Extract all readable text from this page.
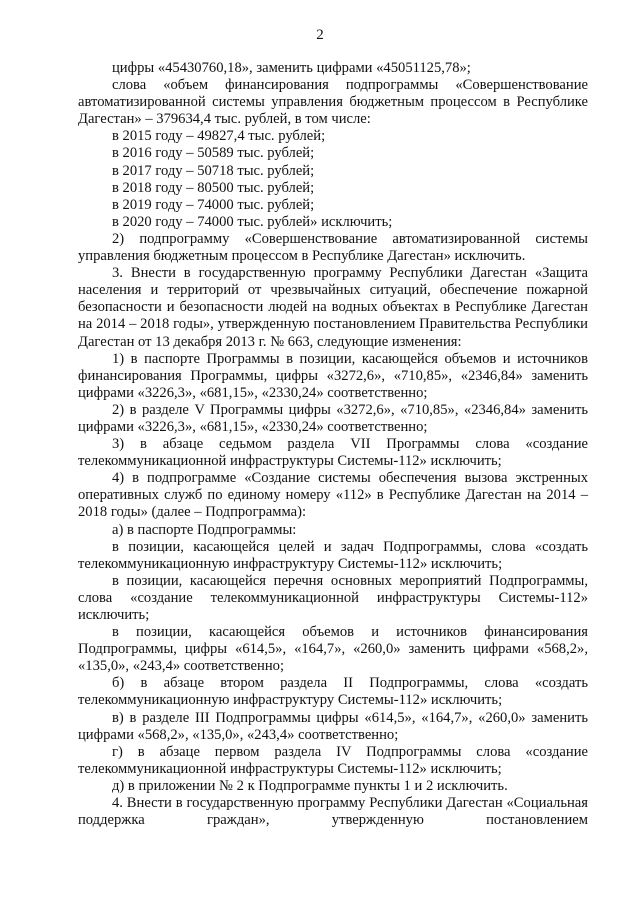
2

цифры «45430760,18», заменить цифрами «45051125,78»;

слова «объем финансирования подпрограммы «Совершенствование автоматизированной системы управления бюджетным процессом в Республике Дагестан» – 379634,4 тыс. рублей, в том числе:

в 2015 году – 49827,4 тыс. рублей;

в 2016 году – 50589 тыс. рублей;

в 2017 году – 50718 тыс. рублей;

в 2018 году – 80500 тыс. рублей;

в 2019 году – 74000 тыс. рублей;

в 2020 году – 74000 тыс. рублей» исключить;

2) подпрограмму «Совершенствование автоматизированной системы управления бюджетным процессом в Республике Дагестан» исключить.

3. Внести в государственную программу Республики Дагестан «Защита населения и территорий от чрезвычайных ситуаций, обеспечение пожарной безопасности и безопасности людей на водных объектах в Республике Дагестан на 2014 – 2018 годы», утвержденную постановлением Правительства Республики Дагестан от 13 декабря 2013 г. № 663, следующие изменения:

1) в паспорте Программы в позиции, касающейся объемов и источников финансирования Программы, цифры «3272,6», «710,85», «2346,84» заменить цифрами «3226,3», «681,15», «2330,24» соответственно;

2) в разделе V Программы цифры «3272,6», «710,85», «2346,84» заменить цифрами «3226,3», «681,15», «2330,24» соответственно;

3) в абзаце седьмом раздела VII Программы слова «создание телекоммуникационной инфраструктуры Системы-112» исключить;

4) в подпрограмме «Создание системы обеспечения вызова экстренных оперативных служб по единому номеру «112» в Республике Дагестан на 2014 – 2018 годы» (далее – Подпрограмма):

а) в паспорте Подпрограммы:

в позиции, касающейся целей и задач Подпрограммы, слова «создать телекоммуникационную инфраструктуру Системы-112» исключить;

в позиции, касающейся перечня основных мероприятий Подпрограммы, слова «создание телекоммуникационной инфраструктуры Системы-112» исключить;

в позиции, касающейся объемов и источников финансирования Подпрограммы, цифры «614,5», «164,7», «260,0» заменить цифрами «568,2», «135,0», «243,4» соответственно;

б) в абзаце втором раздела II Подпрограммы, слова «создать телекоммуникационную инфраструктуру Системы-112» исключить;

в) в разделе III Подпрограммы цифры «614,5», «164,7», «260,0» заменить цифрами «568,2», «135,0», «243,4» соответственно;

г) в абзаце первом раздела IV Подпрограммы слова «создание телекоммуникационной инфраструктуры Системы-112» исключить;

д) в приложении № 2 к Подпрограмме пункты 1 и 2 исключить.

4. Внести в государственную программу Республики Дагестан «Социальная поддержка граждан», утвержденную постановлением
